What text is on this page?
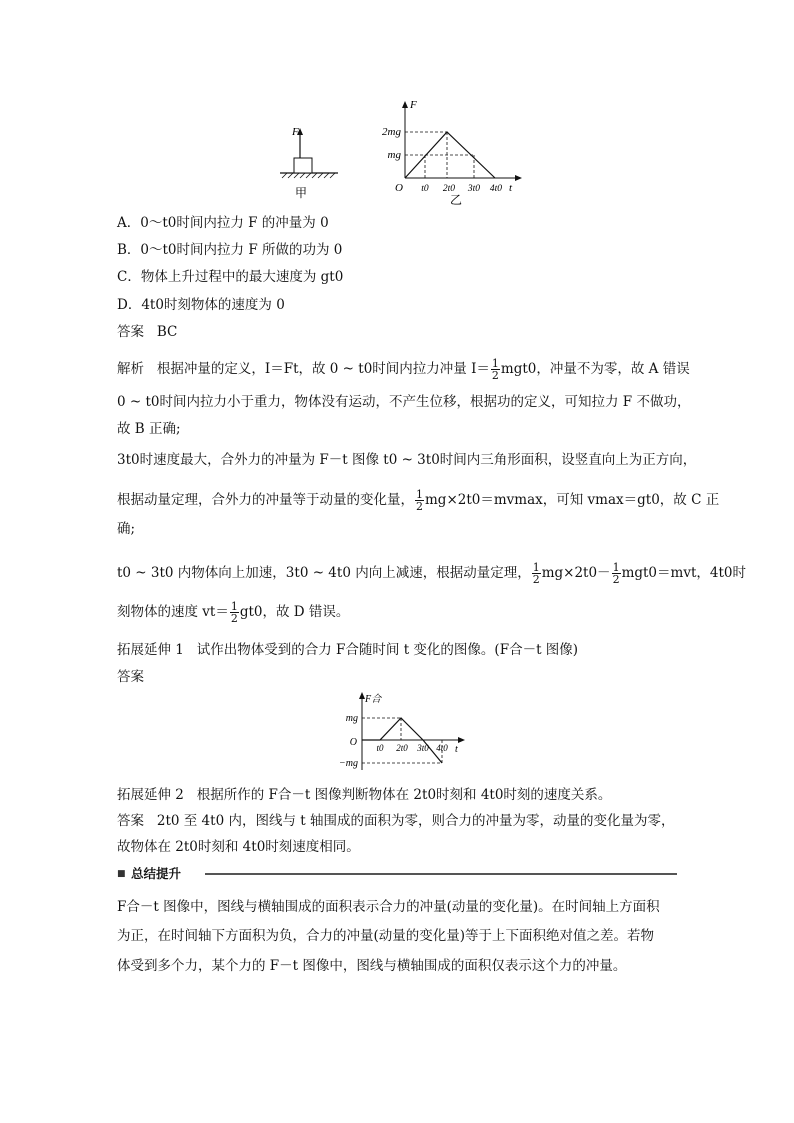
F
甲
F
t
O
2mg
mg
t0 2t0 3t0 4t0
乙
A．0～t0时间内拉力 F 的冲量为 0
B．0～t0时间内拉力 F 所做的功为 0
C．物体上升过程中的最大速度为 gt0
D．4t0时刻物体的速度为 0
答案 BC
解析 根据冲量的定义，I＝Ft，故 0 ~ t0时间内拉力冲量 $I= \frac{1}{2} mgt0$，冲量不为零，故 A 错误
0 ~ t0时间内拉力小于重力，物体没有运动，不产生位移，根据功的定义，可知拉力 F 不做功，
故 B 正确;
3t0时速度最大，合外力的冲量为 F－t 图像 t0 ~ 3t0时间内三角形面积，设竖直向上为正方向，
根据动量定理，合外力的冲量等于动量的变化量， $\frac{1}{2} mg\times 2t0=mvmax$，可知 vmax＝gt0，故 C 正
确;
t0 ~ 3t0 内物体向上加速，3t0 ~ 4t0 内向上减速，根据动量定理， $\frac{1}{2} mg\times 2t0- \frac{1}{2} mgt0=mvt$，4t0时
刻物体的速度 $vt= \frac{1}{2} gt0$，故 D 错误。
拓展延伸 1 试作出物体受到的合力 F合随时间 t 变化的图像。(F合－t 图像)
答案
F合
t
O
mg
−mg
t0 2t0 3t0 4t0
拓展延伸 2 根据所作的 F合－t 图像判断物体在 2t0时刻和 4t0时刻的速度关系。
答案 2t0 至 4t0 内，图线与 t 轴围成的面积为零，则合力的冲量为零，动量的变化量为零，
故物体在 2t0时刻和 4t0时刻速度相同。
■ 总结提升
F合－t 图像中，图线与横轴围成的面积表示合力的冲量(动量的变化量)。在时间轴上方面积
为正，在时间轴下方面积为负，合力的冲量(动量的变化量)等于上下面积绝对值之差。若物
体受到多个力，某个力的 F－t 图像中，图线与横轴围成的面积仅表示这个力的冲量。
